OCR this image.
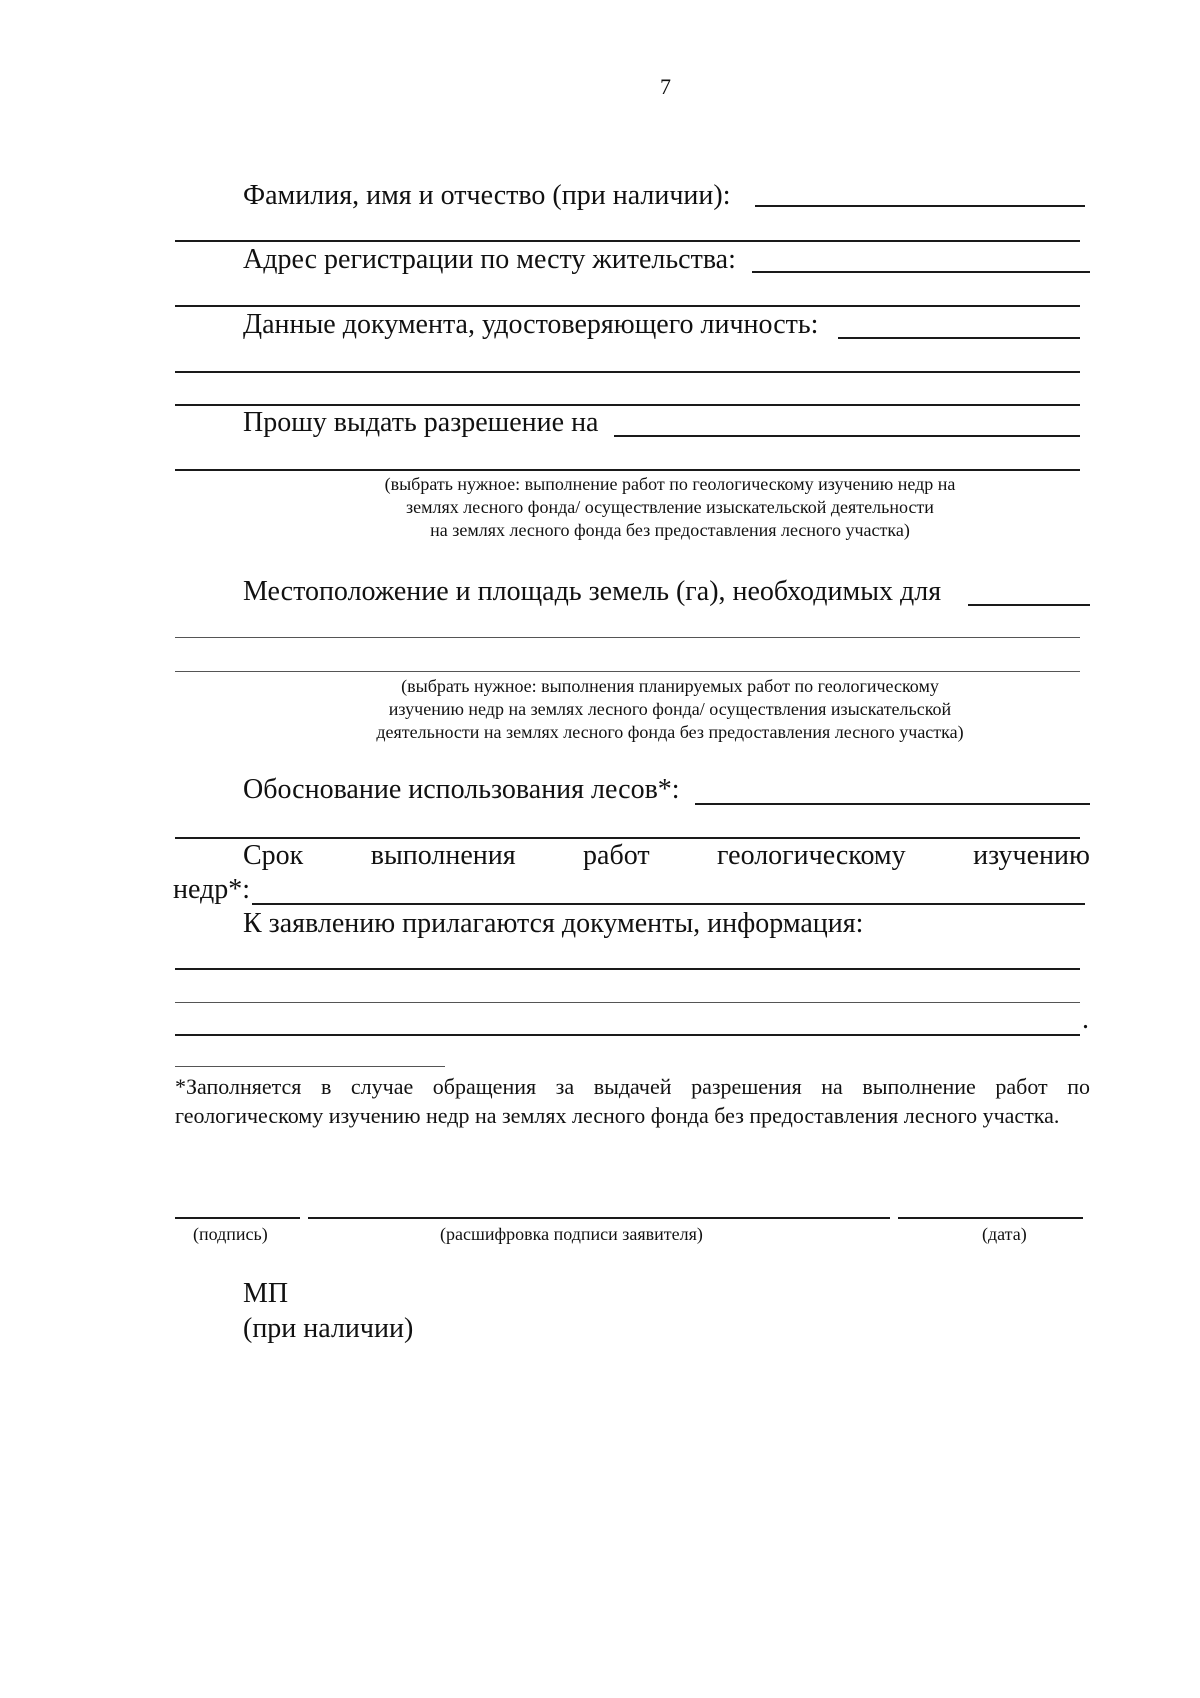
7
Фамилия, имя и отчество (при наличии):
Адрес регистрации по месту жительства:
Данные документа, удостоверяющего личность:
Прошу выдать разрешение на
(выбрать нужное: выполнение работ по геологическому изучению недр на
землях лесного фонда/ осуществление изыскательской деятельности
на землях лесного фонда без предоставления лесного участка)
Местоположение и площадь земель (га), необходимых для
(выбрать нужное: выполнения планируемых работ по геологическому
изучению недр на землях лесного фонда/ осуществления изыскательской
деятельности на землях лесного фонда без предоставления лесного участка)
Обоснование использования лесов*:
Срок выполнения работ геологическому изучению
недр*:
К заявлению прилагаются документы, информация:
.
*Заполняется в случае обращения за выдачей разрешения на выполнение работ по геологическому изучению недр на землях лесного фонда без предоставления лесного участка.
(подпись)	(расшифровка подписи заявителя)	(дата)
МП
(при наличии)
